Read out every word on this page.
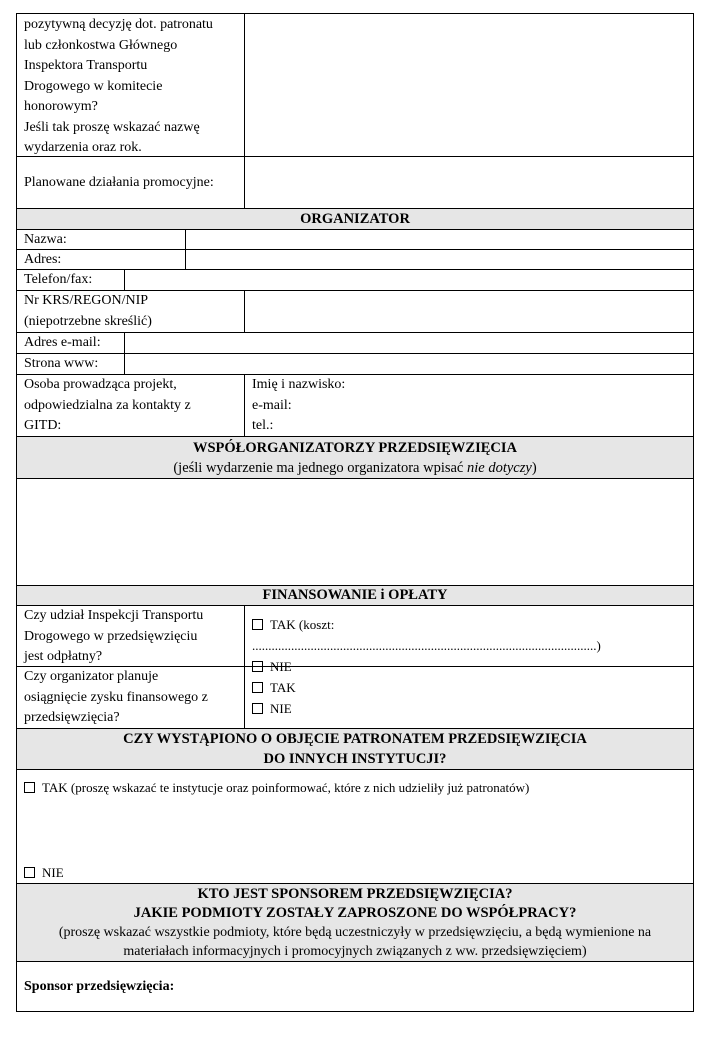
pozytywną decyzję dot. patronatu
lub członkostwa Głównego
Inspektora Transportu
Drogowego w komitecie
honorowym?
Jeśli tak proszę wskazać nazwę
wydarzenia oraz rok.
Planowane działania promocyjne:
ORGANIZATOR
Nazwa:
Adres:
Telefon/fax:
Nr KRS/REGON/NIP
(niepotrzebne skreślić)
Adres e-mail:
Strona www:
Osoba prowadząca projekt,
odpowiedzialna za kontakty z
GITD:
Imię i nazwisko:
e-mail:
tel.:
WSPÓŁORGANIZATORZY PRZEDSIĘWZIĘCIA
(jeśli wydarzenie ma jednego organizatora wpisać nie dotyczy)
FINANSOWANIE i OPŁATY
Czy udział Inspekcji Transportu
Drogowego w przedsięwzięciu
jest odpłatny?
TAK (koszt: ..........................................................................................................)
NIE
Czy organizator planuje
osiągnięcie zysku finansowego z
przedsięwzięcia?
TAK
NIE
CZY WYSTĄPIONO O OBJĘCIE PATRONATEM PRZEDSIĘWZIĘCIA
DO INNYCH INSTYTUCJI?
TAK (proszę wskazać te instytucje oraz poinformować, które z nich udzieliły już patronatów)
NIE
KTO JEST SPONSOREM PRZEDSIĘWZIĘCIA?
JAKIE PODMIOTY ZOSTAŁY ZAPROSZONE DO WSPÓŁPRACY?
(proszę wskazać wszystkie podmioty, które będą uczestniczyły w przedsięwzięciu, a będą wymienione na
materiałach informacyjnych i promocyjnych związanych z ww. przedsięwzięciem)
Sponsor przedsięwzięcia:
